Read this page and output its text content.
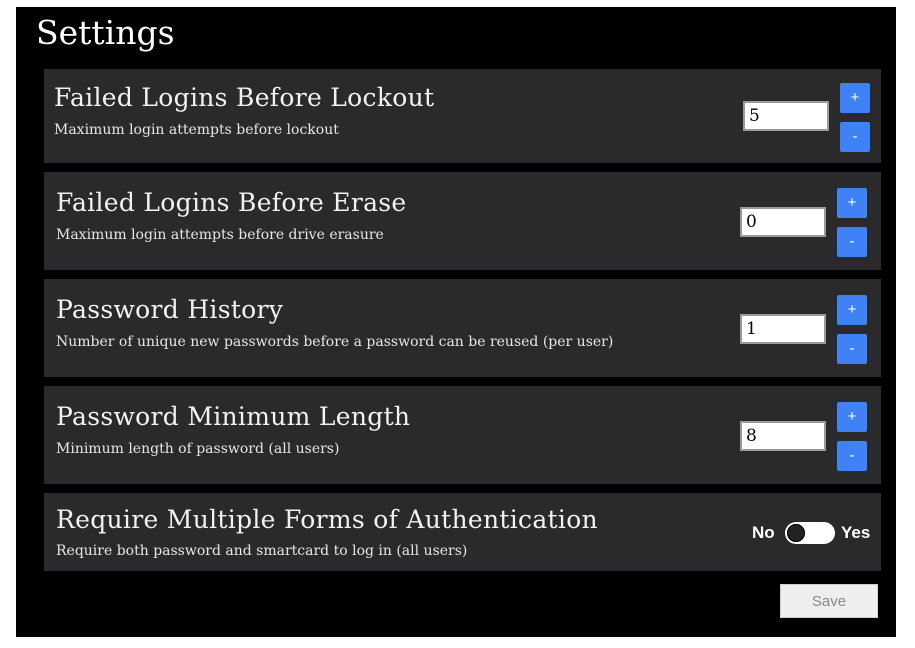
Settings
Failed Logins Before Lockout
Maximum login attempts before lockout
5
+
-
Failed Logins Before Erase
Maximum login attempts before drive erasure
0
+
-
Password History
Number of unique new passwords before a password can be reused (per user)
1
+
-
Password Minimum Length
Minimum length of password (all users)
8
+
-
Require Multiple Forms of Authentication
Require both password and smartcard to log in (all users)
No	Yes
Save
